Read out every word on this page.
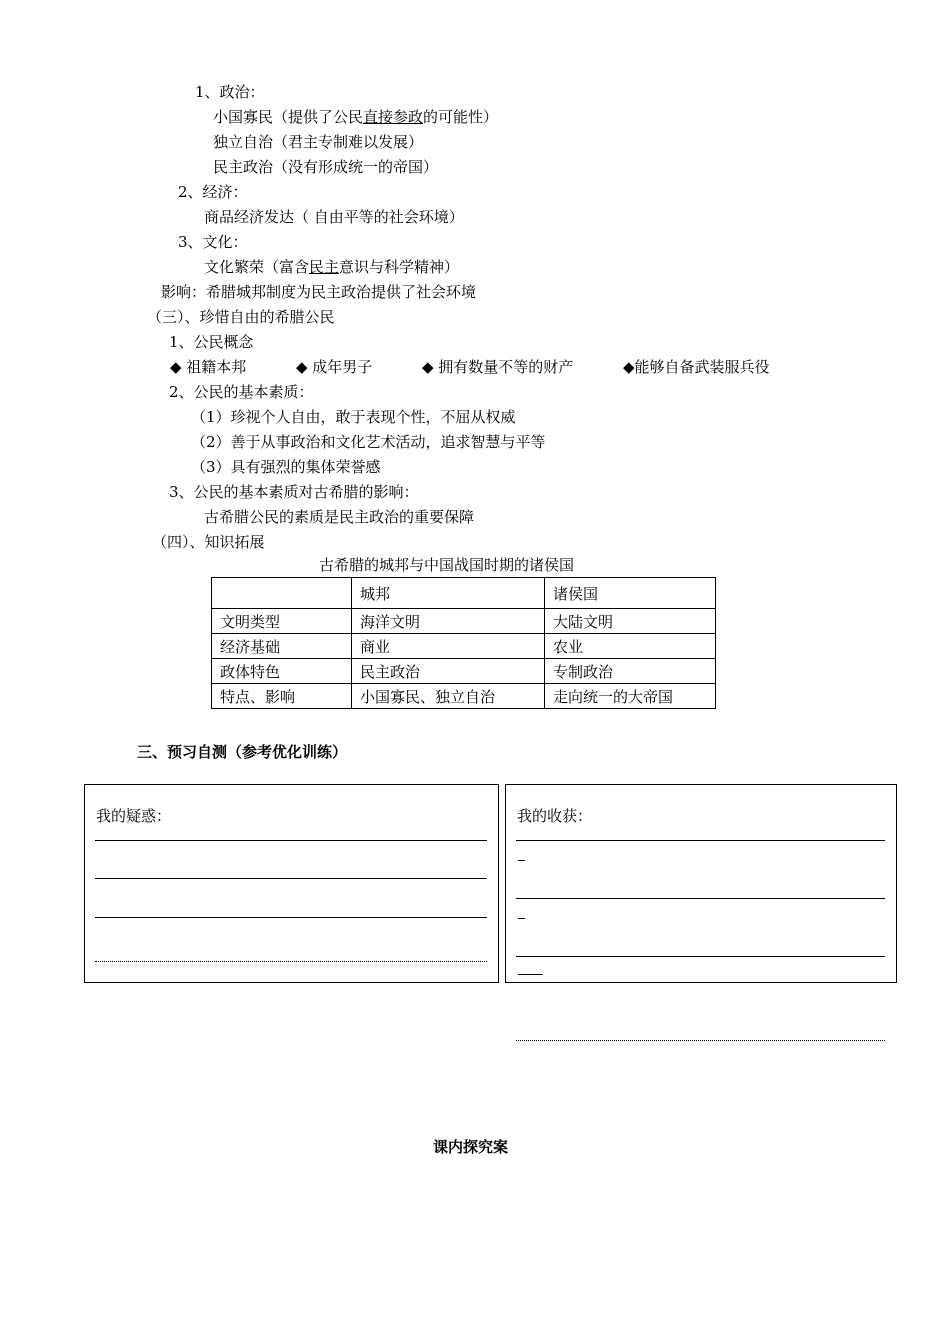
1、政治：
小国寡民（提供了公民直接参政的可能性）
独立自治（君主专制难以发展）
民主政治（没有形成统一的帝国）
2、经济：
商品经济发达（ 自由平等的社会环境）
3、文化：
文化繁荣（富含民主意识与科学精神）
影响：希腊城邦制度为民主政治提供了社会环境
（三）、珍惜自由的希腊公民
1、公民概念
◆ 祖籍本邦	◆ 成年男子	◆ 拥有数量不等的财产	◆能够自备武装服兵役
2、公民的基本素质：
（1）珍视个人自由，敢于表现个性，不屈从权威
（2）善于从事政治和文化艺术活动，追求智慧与平等
（3）具有强烈的集体荣誉感
3、公民的基本素质对古希腊的影响：
古希腊公民的素质是民主政治的重要保障
（四）、知识拓展
古希腊的城邦与中国战国时期的诸侯国
	城邦	诸侯国
文明类型	海洋文明	大陆文明
经济基础	商业	农业
政体特色	民主政治	专制政治
特点、影响	小国寡民、独立自治	走向统一的大帝国
三、预习自测（参考优化训练）
我的疑惑：	我的收获：
课内探究案
